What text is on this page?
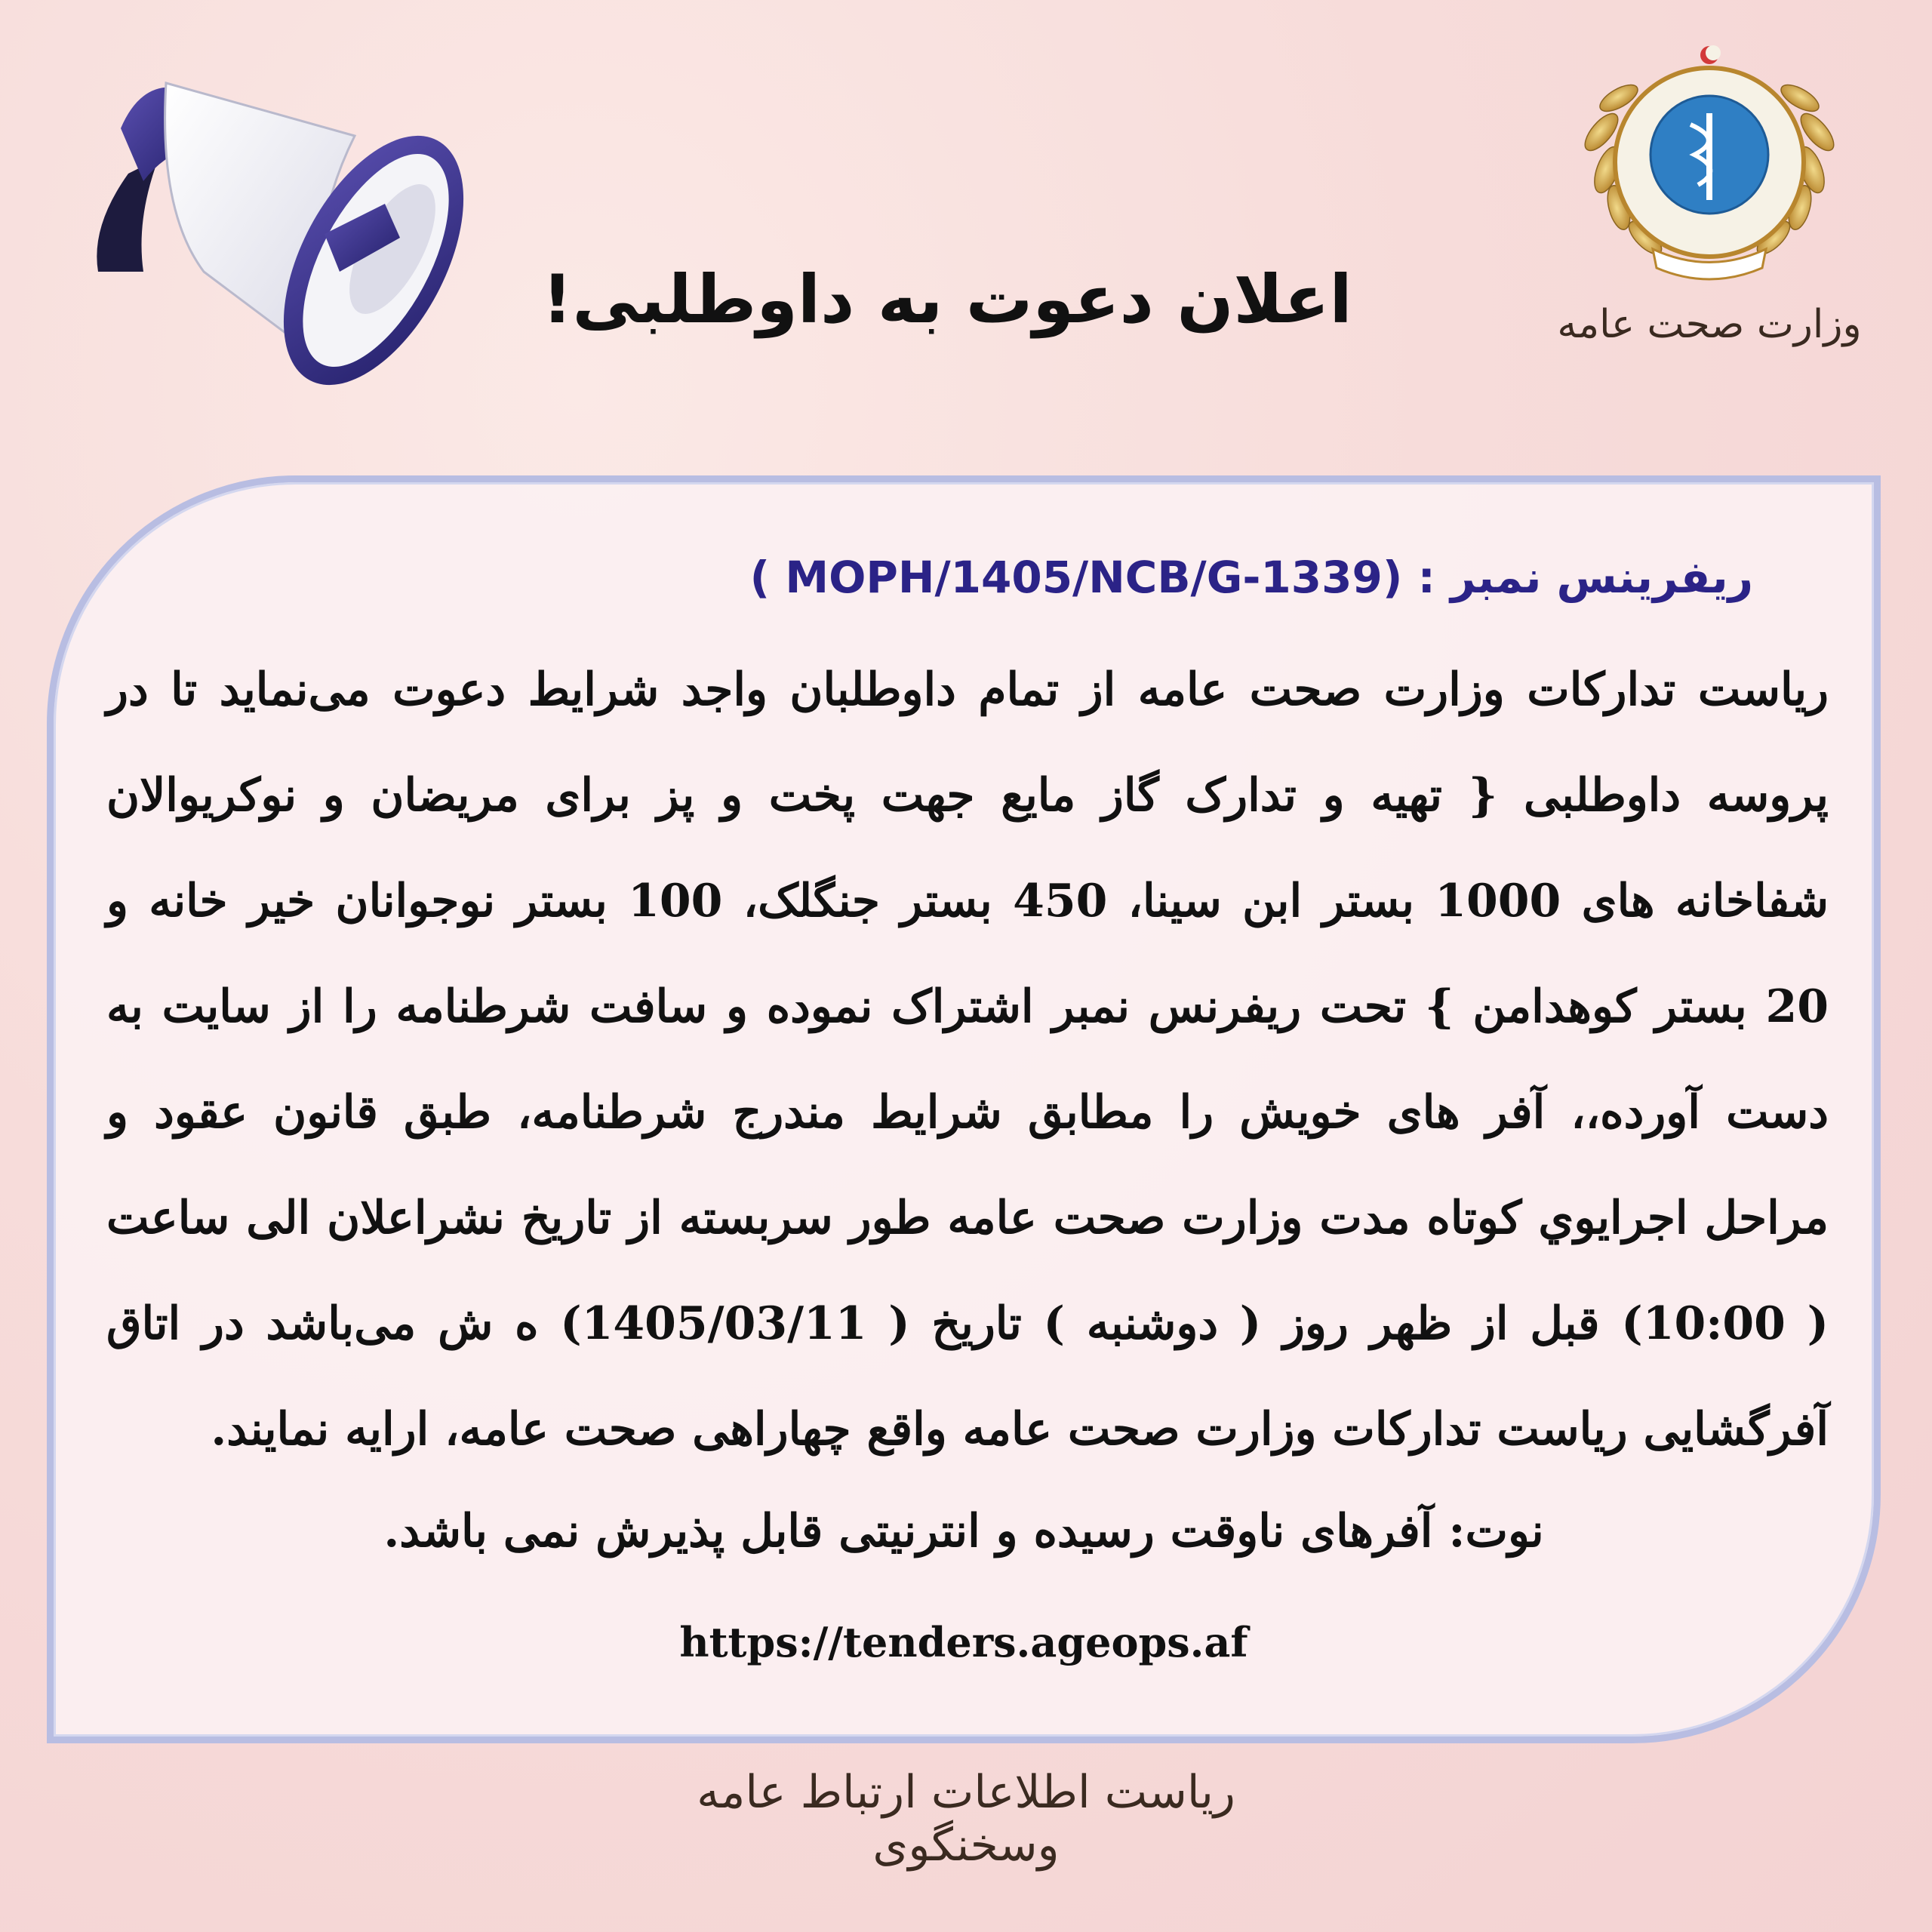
وزارت صحت عامه
اعلان دعوت به داوطلبی!
ریفرینس نمبر : (MOPH/1405/NCB/G-1339 )

ریاست تدارکات وزارت صحت عامه از تمام داوطلبان واجد شرایط دعوت می‌نماید تا در پروسه داوطلبی { تهیه و تدارک گاز مایع جهت پخت و پز برای مریضان و نوکریوالان شفاخانه های 1000 بستر ابن سینا، 450 بستر جنگلک، 100 بستر نوجوانان خیر خانه و 20 بستر کوهدامن } تحت ریفرنس نمبر اشتراک نموده و سافت شرطنامه را از سایت به دست آورده،، آفر های خویش را مطابق شرایط مندرج شرطنامه، طبق قانون عقود و مراحل اجرایوي کوتاه مدت وزارت صحت عامه طور سربسته از تاریخ نشراعلان الی ساعت ( 10:00) قبل از ظهر روز ( دوشنبه ) تاریخ ( 1405/03/11) ه ش می‌باشد در اتاق آفرگشایی ریاست تدارکات وزارت صحت عامه واقع چهاراهی صحت عامه، ارایه نمایند.

نوت: آفرهای ناوقت رسیده و انترنیتی قابل پذیرش نمی باشد.

https://tenders.ageops.af

ریاست اطلاعات ارتباط عامه وسخنگوی
